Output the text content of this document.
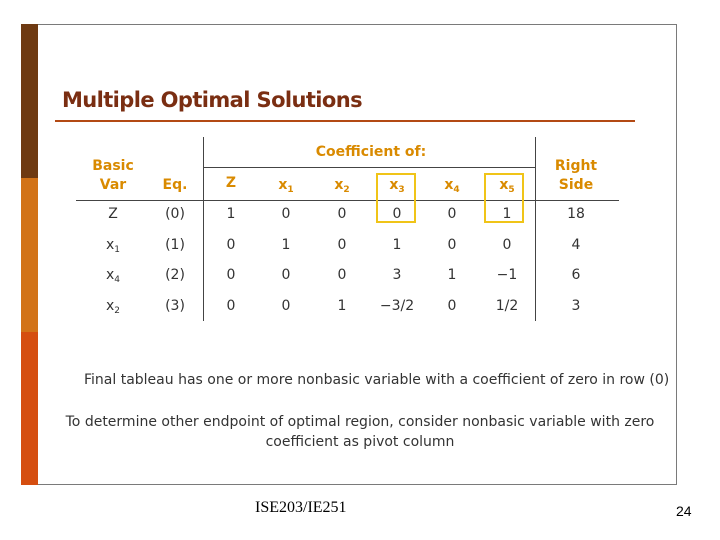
Multiple Optimal Solutions
Coefficient of:
Basic
Var	Eq.	Z	$x_1$	$x_2$	$x_3$	$x_4$	$x_5$
Right
Side
Z	(0)	1	0	0	0	0	1	18
$x_1$	(1)	0	1	0	1	0	0	4
$x_4$	(2)	0	0	0	3	1	−1	6
$x_2$	(3)	0	0	1	−3/2	0	1/2	3
Final tableau has one or more nonbasic variable with a coefficient of zero in row (0)
To determine other endpoint of optimal region, consider nonbasic variable with zero
coefficient as pivot column
ISE203/IE251	24
